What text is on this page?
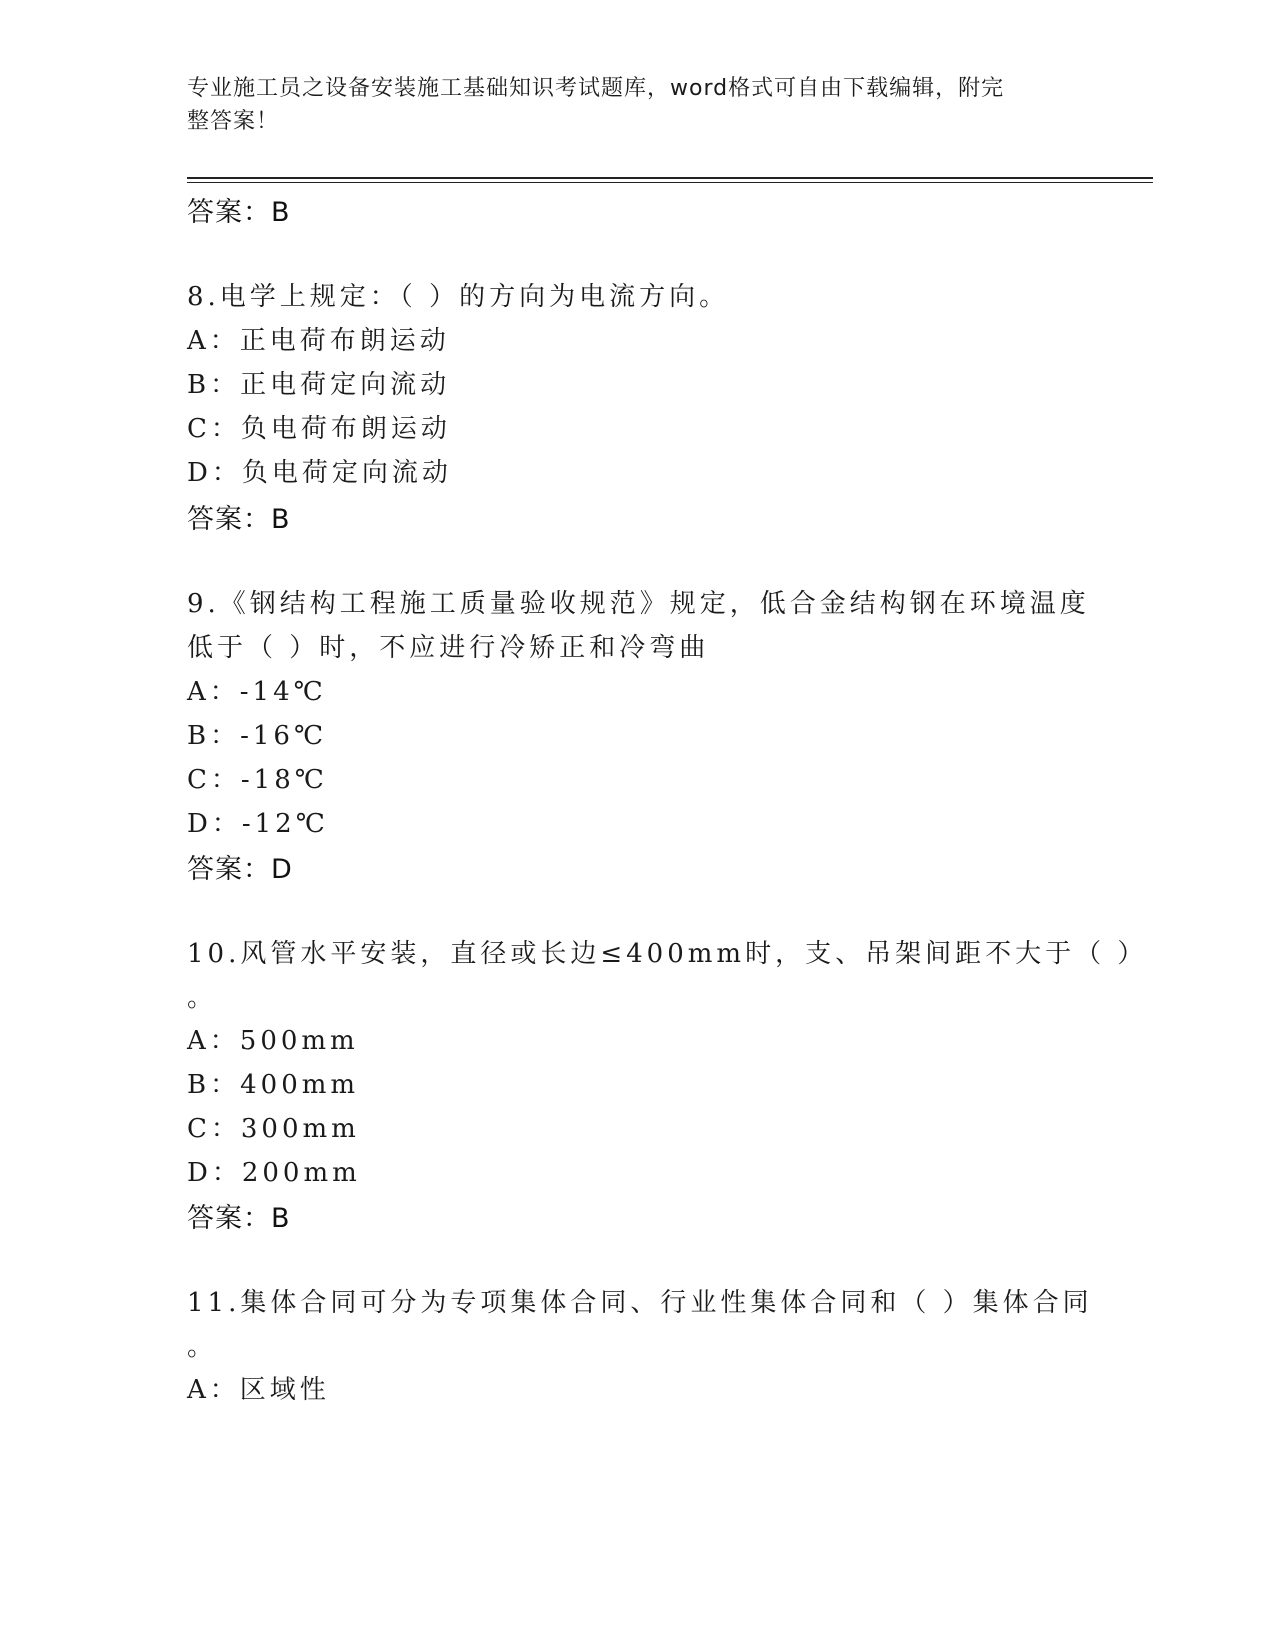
专业施工员之设备安装施工基础知识考试题库，word格式可自由下载编辑，附完
整答案！
答案：B
8.电学上规定：（ ）的方向为电流方向。
A：正电荷布朗运动
B：正电荷定向流动
C：负电荷布朗运动
D：负电荷定向流动
答案：B
9.《钢结构工程施工质量验收规范》规定，低合金结构钢在环境温度
低于（ ）时，不应进行冷矫正和冷弯曲
A：-14℃
B：-16℃
C：-18℃
D：-12℃
答案：D
10.风管水平安装，直径或长边≤400mm时，支、吊架间距不大于（ ）
。
A：500mm
B：400mm
C：300mm
D：200mm
答案：B
11.集体合同可分为专项集体合同、行业性集体合同和（ ）集体合同
。
A：区域性
